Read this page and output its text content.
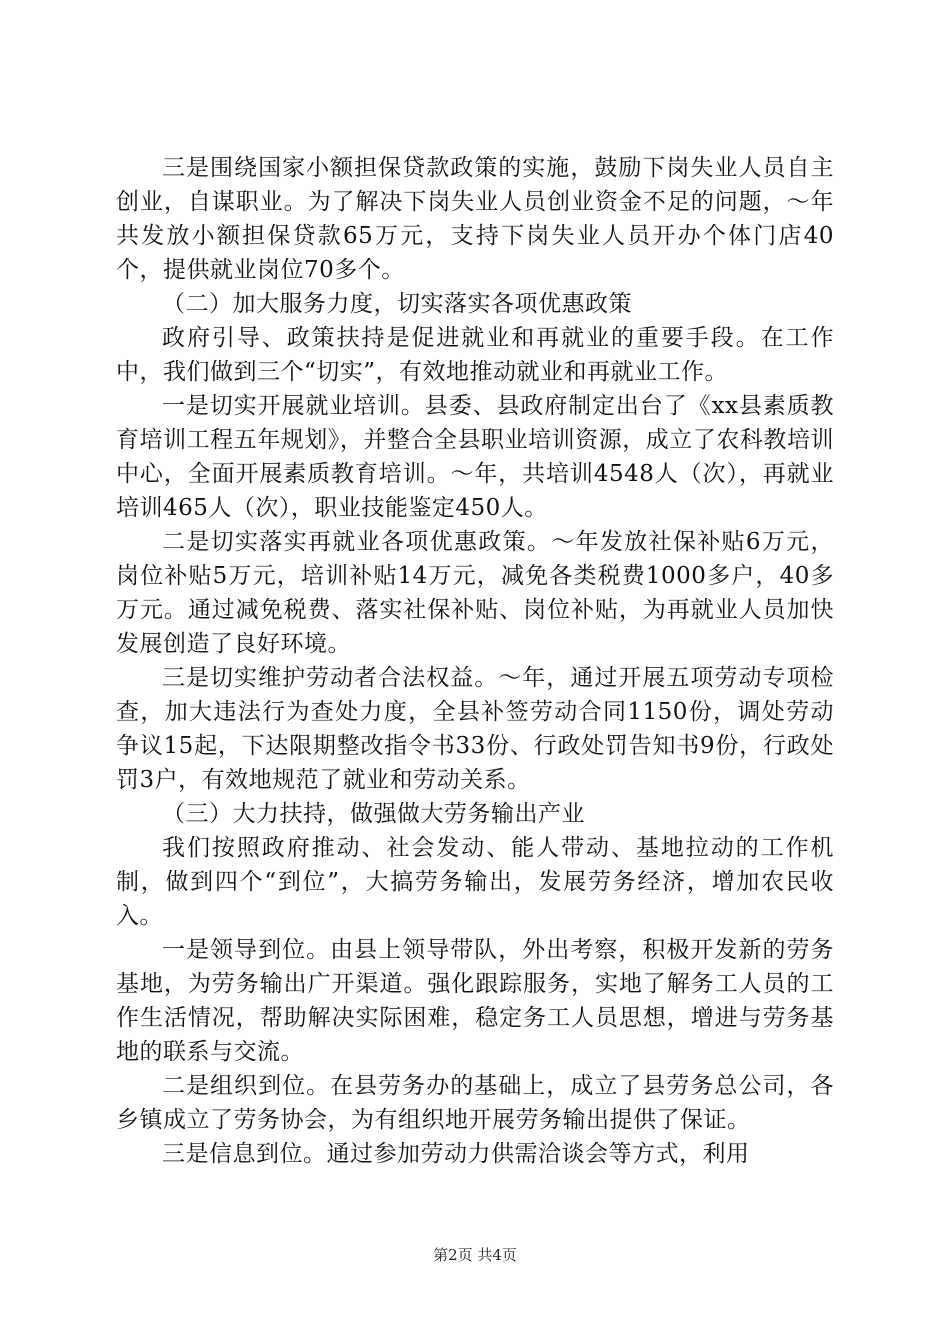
三是围绕国家小额担保贷款政策的实施，鼓励下岗失业人员自主创业，自谋职业。为了解决下岗失业人员创业资金不足的问题，～年共发放小额担保贷款65万元，支持下岗失业人员开办个体门店40个，提供就业岗位70多个。

（二）加大服务力度，切实落实各项优惠政策

政府引导、政策扶持是促进就业和再就业的重要手段。在工作中，我们做到三个“切实”，有效地推动就业和再就业工作。

一是切实开展就业培训。县委、县政府制定出台了《xx县素质教育培训工程五年规划》，并整合全县职业培训资源，成立了农科教培训中心，全面开展素质教育培训。～年，共培训4548人（次），再就业培训465人（次），职业技能鉴定450人。

二是切实落实再就业各项优惠政策。～年发放社保补贴6万元，岗位补贴5万元，培训补贴14万元，减免各类税费1000多户，40多万元。通过减免税费、落实社保补贴、岗位补贴，为再就业人员加快发展创造了良好环境。

三是切实维护劳动者合法权益。～年，通过开展五项劳动专项检查，加大违法行为查处力度，全县补签劳动合同1150份，调处劳动争议15起，下达限期整改指令书33份、行政处罚告知书9份，行政处罚3户，有效地规范了就业和劳动关系。

（三）大力扶持，做强做大劳务输出产业

我们按照政府推动、社会发动、能人带动、基地拉动的工作机制，做到四个“到位”，大搞劳务输出，发展劳务经济，增加农民收入。

一是领导到位。由县上领导带队，外出考察，积极开发新的劳务基地，为劳务输出广开渠道。强化跟踪服务，实地了解务工人员的工作生活情况，帮助解决实际困难，稳定务工人员思想，增进与劳务基地的联系与交流。

二是组织到位。在县劳务办的基础上，成立了县劳务总公司，各乡镇成立了劳务协会，为有组织地开展劳务输出提供了保证。

三是信息到位。通过参加劳动力供需洽谈会等方式，利用

第2页 共4页
